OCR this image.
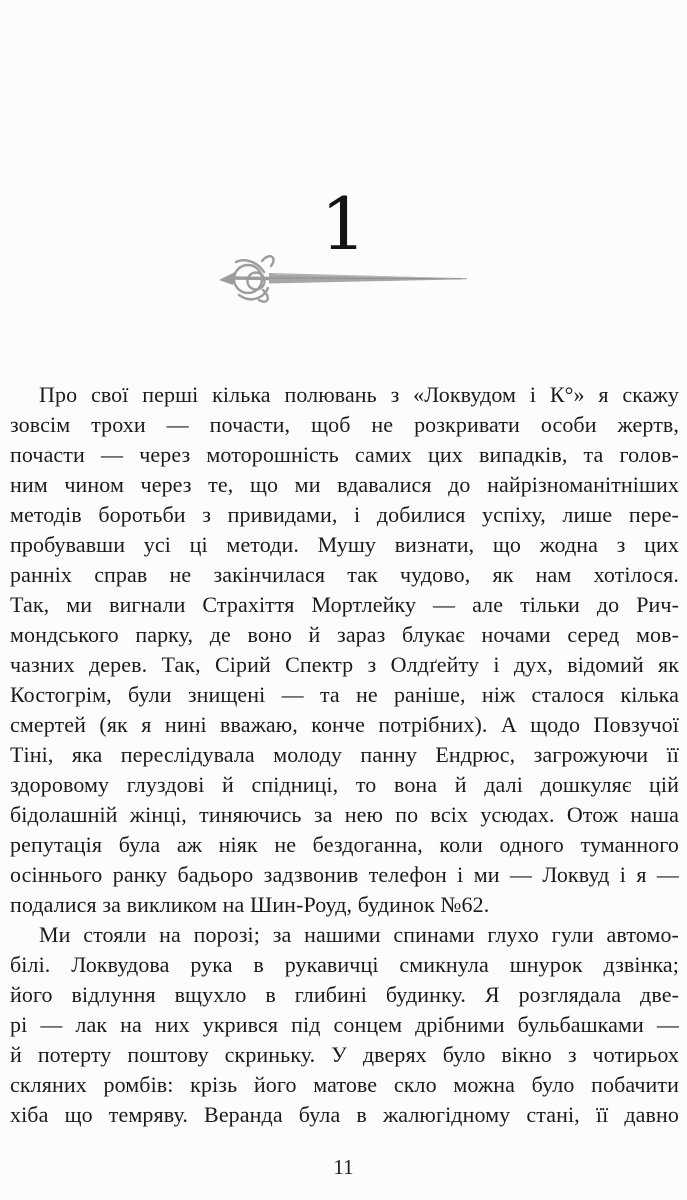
1
Про свої перші кілька полювань з «Локвудом і К°» я скажу
зовсім трохи — почасти, щоб не розкривати особи жертв,
почасти — через моторошність самих цих випадків, та голов-
ним чином через те, що ми вдавалися до найрізноманітніших
методів боротьби з привидами, і добилися успіху, лише пере-
пробувавши усі ці методи. Мушу визнати, що жодна з цих
ранніх справ не закінчилася так чудово, як нам хотілося.
Так, ми вигнали Страхіття Мортлейку — але тільки до Рич-
мондського парку, де воно й зараз блукає ночами серед мов-
чазних дерев. Так, Сірий Спектр з Олдґейту і дух, відомий як
Костогрім, були знищені — та не раніше, ніж сталося кілька
смертей (як я нині вважаю, конче потрібних). А щодо Повзучої
Тіні, яка переслідувала молоду панну Ендрюс, загрожуючи її
здоровому глуздові й спідниці, то вона й далі дошкуляє цій
бідолашній жінці, тиняючись за нею по всіх усюдах. Отож наша
репутація була аж ніяк не бездоганна, коли одного туманного
осіннього ранку бадьоро задзвонив телефон і ми — Локвуд і я —
подалися за викликом на Шин-Роуд, будинок №62.
Ми стояли на порозі; за нашими спинами глухо гули автомо-
білі. Локвудова рука в рукавичці смикнула шнурок дзвінка;
його відлуння вщухло в глибині будинку. Я розглядала две-
рі — лак на них укрився під сонцем дрібними бульбашками —
й потерту поштову скриньку. У дверях було вікно з чотирьох
скляних ромбів: крізь його матове скло можна було побачити
хіба що темряву. Веранда була в жалюгідному стані, її давно
11
